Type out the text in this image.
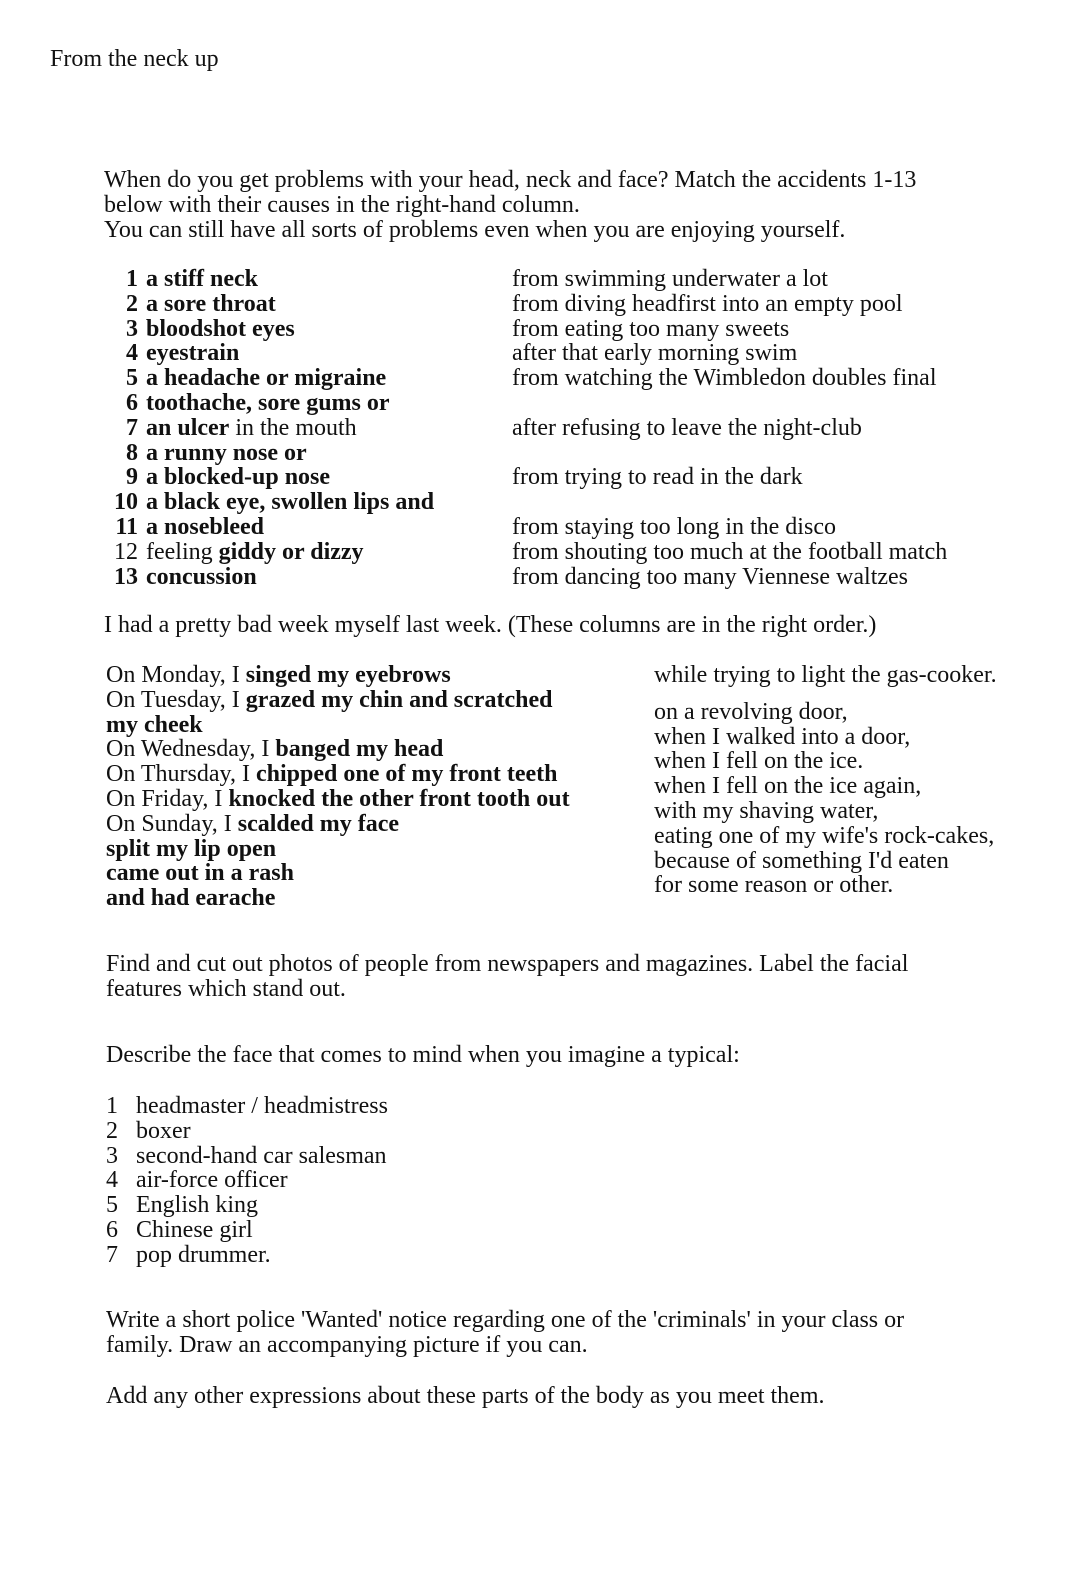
From the neck up
When do you get problems with your head, neck and face? Match the accidents 1-13
below with their causes in the right-hand column.
You can still have all sorts of problems even when you are enjoying yourself.
1 a stiff neck
2 a sore throat
3 bloodshot eyes
4 eyestrain
5 a headache or migraine
6 toothache, sore gums or
7 an ulcer in the mouth
8 a runny nose or
9 a blocked-up nose
10 a black eye, swollen lips and
11 a nosebleed
12 feeling giddy or dizzy
13 concussion
from swimming underwater a lot
from diving headfirst into an empty pool
from eating too many sweets
after that early morning swim
from watching the Wimbledon doubles final
after refusing to leave the night-club
from trying to read in the dark
from staying too long in the disco
from shouting too much at the football match
from dancing too many Viennese waltzes
I had a pretty bad week myself last week. (These columns are in the right order.)
On Monday, I singed my eyebrows
On Tuesday, I grazed my chin and scratched
my cheek
On Wednesday, I banged my head
On Thursday, I chipped one of my front teeth
On Friday, I knocked the other front tooth out
On Sunday, I scalded my face
split my lip open
came out in a rash
and had earache
while trying to light the gas-cooker.
on a revolving door,
when I walked into a door,
when I fell on the ice.
when I fell on the ice again,
with my shaving water,
eating one of my wife's rock-cakes,
because of something I'd eaten
for some reason or other.
Find and cut out photos of people from newspapers and magazines. Label the facial
features which stand out.
Describe the face that comes to mind when you imagine a typical:
1 headmaster / headmistress
2 boxer
3 second-hand car salesman
4 air-force officer
5 English king
6 Chinese girl
7 pop drummer.
Write a short police 'Wanted' notice regarding one of the 'criminals' in your class or
family. Draw an accompanying picture if you can.
Add any other expressions about these parts of the body as you meet them.
